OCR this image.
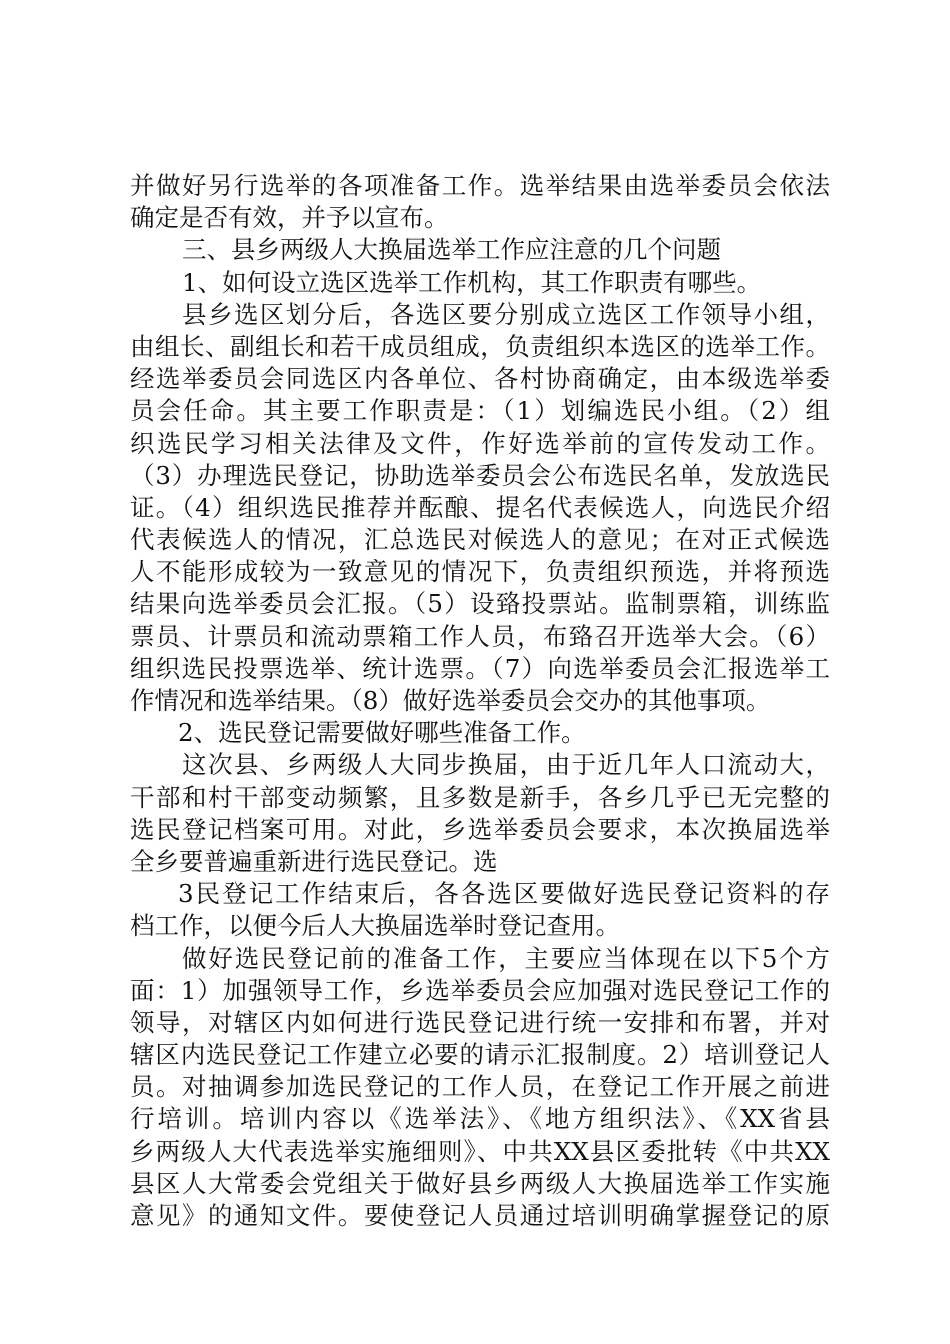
并做好另行选举的各项准备工作。选举结果由选举委员会依法
确定是否有效，并予以宣布。
三、县乡两级人大换届选举工作应注意的几个问题
1、如何设立选区选举工作机构，其工作职责有哪些。
县乡选区划分后，各选区要分别成立选区工作领导小组，
由组长、副组长和若干成员组成，负责组织本选区的选举工作。
经选举委员会同选区内各单位、各村协商确定，由本级选举委
员会任命。其主要工作职责是：（1）划编选民小组。（2）组
织选民学习相关法律及文件，作好选举前的宣传发动工作。
（3）办理选民登记，协助选举委员会公布选民名单，发放选民
证。（4）组织选民推荐并酝酿、提名代表候选人，向选民介绍
代表候选人的情况，汇总选民对候选人的意见；在对正式候选
人不能形成较为一致意见的情况下，负责组织预选，并将预选
结果向选举委员会汇报。（5）设臵投票站。监制票箱，训练监
票员、计票员和流动票箱工作人员，布臵召开选举大会。（6）
组织选民投票选举、统计选票。（7）向选举委员会汇报选举工
作情况和选举结果。（8）做好选举委员会交办的其他事项。
2、选民登记需要做好哪些准备工作。
这次县、乡两级人大同步换届，由于近几年人口流动大，
干部和村干部变动频繁，且多数是新手，各乡几乎已无完整的
选民登记档案可用。对此，乡选举委员会要求，本次换届选举
全乡要普遍重新进行选民登记。选
3民登记工作结束后，各各选区要做好选民登记资料的存
档工作，以便今后人大换届选举时登记查用。
做好选民登记前的准备工作，主要应当体现在以下5个方
面：1）加强领导工作，乡选举委员会应加强对选民登记工作的
领导，对辖区内如何进行选民登记进行统一安排和布署，并对
辖区内选民登记工作建立必要的请示汇报制度。2）培训登记人
员。对抽调参加选民登记的工作人员，在登记工作开展之前进
行培训。培训内容以《选举法》、《地方组织法》、《XX省县
乡两级人大代表选举实施细则》、中共XX县区委批转《中共XX
县区人大常委会党组关于做好县乡两级人大换届选举工作实施
意见》的通知文件。要使登记人员通过培训明确掌握登记的原
